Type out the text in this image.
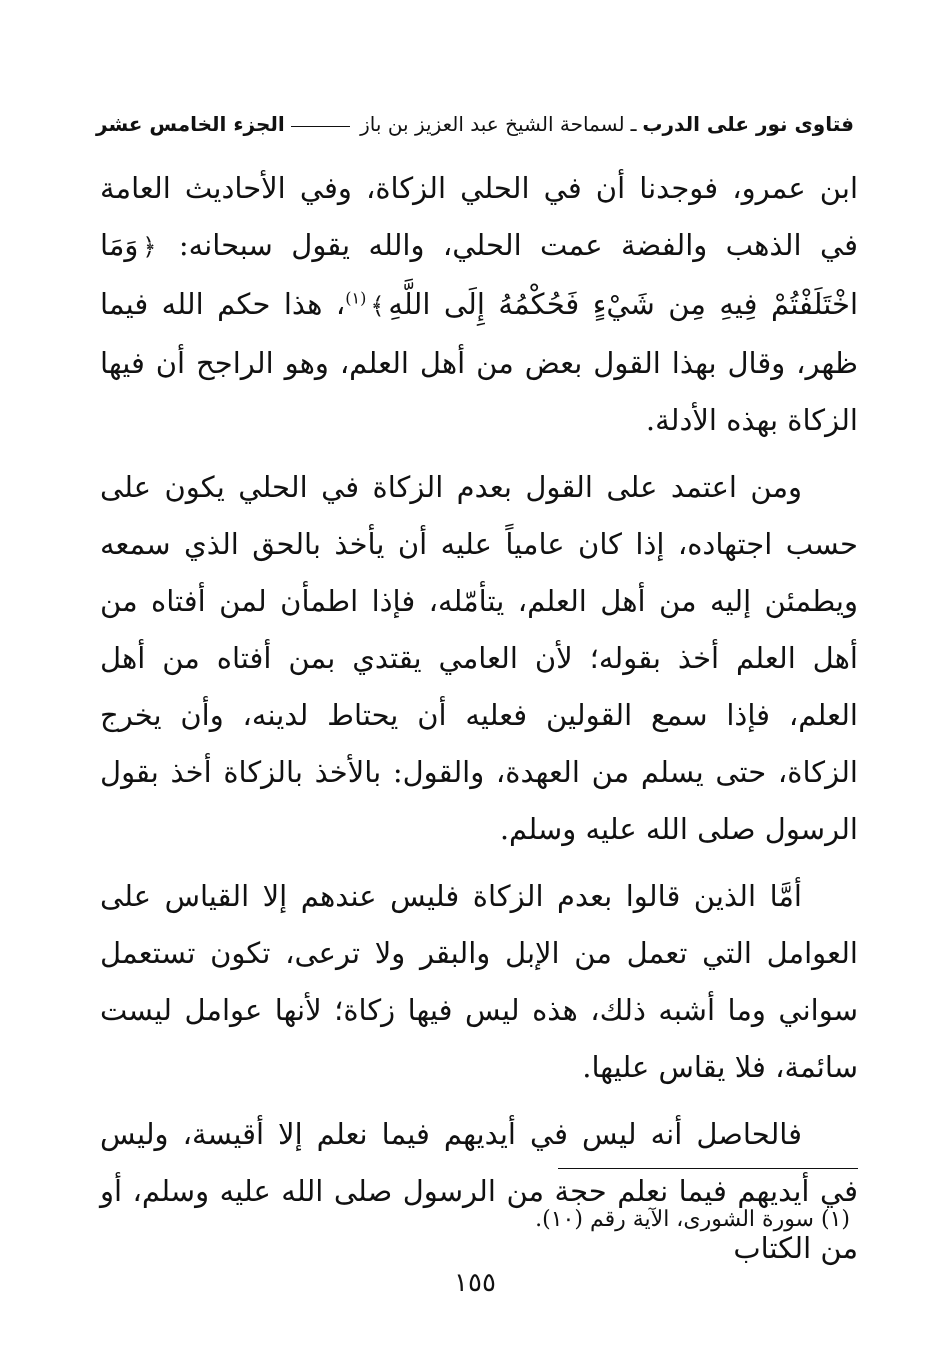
فتاوى نور على الدرب
ـ
لسماحة الشيخ عبد العزيز بن باز
الجزء الخامس عشر

ابن عمرو، فوجدنا أن في الحلي الزكاة، وفي الأحاديث العامة في الذهب والفضة عمت الحلي، والله يقول سبحانه: ﴿وَمَا اخْتَلَفْتُمْ فِيهِ مِن شَيْءٍ فَحُكْمُهُ إِلَى اللَّهِ﴾$^{(١)}$، هذا حكم الله فيما ظهر، وقال بهذا القول بعض من أهل العلم، وهو الراجح أن فيها الزكاة بهذه الأدلة.

ومن اعتمد على القول بعدم الزكاة في الحلي يكون على حسب اجتهاده، إذا كان عامياً عليه أن يأخذ بالحق الذي سمعه ويطمئن إليه من أهل العلم، يتأمّله، فإذا اطمأن لمن أفتاه من أهل العلم أخذ بقوله؛ لأن العامي يقتدي بمن أفتاه من أهل العلم، فإذا سمع القولين فعليه أن يحتاط لدينه، وأن يخرج الزكاة، حتى يسلم من العهدة، والقول: بالأخذ بالزكاة أخذ بقول الرسول صلى الله عليه وسلم.

أمَّا الذين قالوا بعدم الزكاة فليس عندهم إلا القياس على العوامل التي تعمل من الإبل والبقر ولا ترعى، تكون تستعمل سواني وما أشبه ذلك، هذه ليس فيها زكاة؛ لأنها عوامل ليست سائمة، فلا يقاس عليها.

فالحاصل أنه ليس في أيديهم فيما نعلم إلا أقيسة، وليس في أيديهم فيما نعلم حجة من الرسول صلى الله عليه وسلم، أو من الكتاب

(١) سورة الشورى، الآية رقم (١٠).
١٥٥
